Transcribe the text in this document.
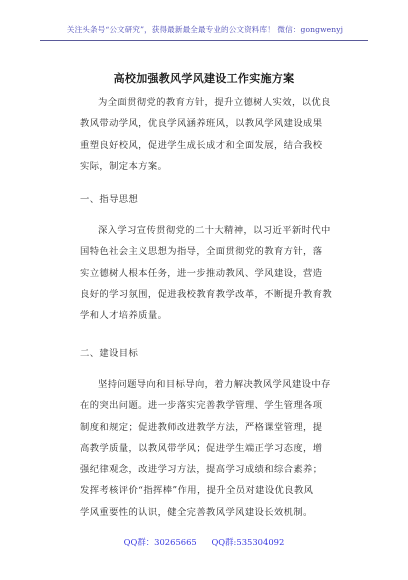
关注头条号“公文研究”，获得最新最全最专业的公文资料库！ 微信：gongwenyj
高校加强教风学风建设工作实施方案
为全面贯彻党的教育方针，提升立德树人实效，以优良
教风带动学风，优良学风涵养班风，以教风学风建设成果
重塑良好校风，促进学生成长成才和全面发展，结合我校
实际，制定本方案。
一、指导思想
深入学习宣传贯彻党的二十大精神，以习近平新时代中
国特色社会主义思想为指导，全面贯彻党的教育方针，落
实立德树人根本任务，进一步推动教风、学风建设，营造
良好的学习氛围，促进我校教育教学改革，不断提升教育教
学和人才培养质量。
二、建设目标
坚持问题导向和目标导向，着力解决教风学风建设中存
在的突出问题。进一步落实完善教学管理、学生管理各项
制度和规定；促进教师改进教学方法，严格课堂管理，提
高教学质量，以教风带学风；促进学生端正学习态度，增
强纪律观念，改进学习方法，提高学习成绩和综合素养；
发挥考核评价“指挥棒”作用，提升全员对建设优良教风
学风重要性的认识，健全完善教风学风建设长效机制。
QQ群：30265665 QQ群:535304092
